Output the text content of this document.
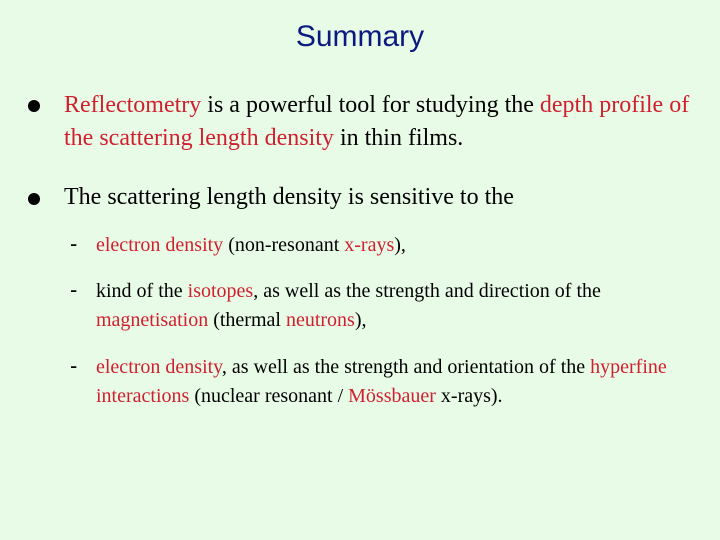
Summary
Reflectometry is a powerful tool for studying the depth profile of the scattering length density in thin films.
The scattering length density is sensitive to the
- electron density (non-resonant x-rays),
- kind of the isotopes, as well as the strength and direction of the magnetisation (thermal neutrons),
- electron density, as well as the strength and orientation of the hyperfine interactions (nuclear resonant / Mössbauer x-rays).
